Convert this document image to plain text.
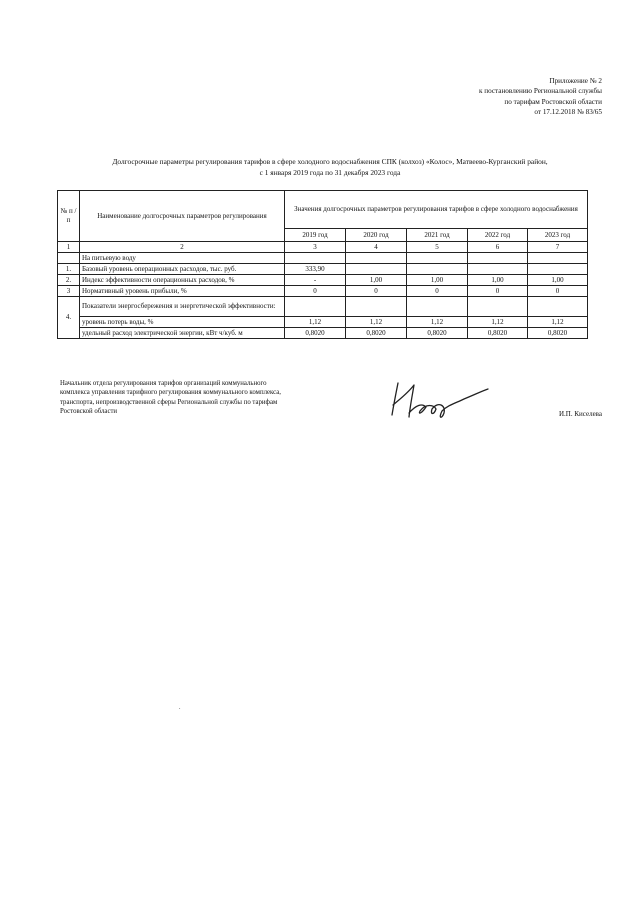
Приложение № 2
к постановлению Региональной службы
по тарифам Ростовской области
от 17.12.2018 № 83/65
Долгосрочные параметры регулирования тарифов в сфере холодного водоснабжения СПК (колхоз) «Колос», Матвеево-Курганский район,
с 1 января 2019 года по 31 декабря 2023 года
№ п /п	Наименование долгосрочных параметров регулирования	Значения долгосрочных параметров регулирования тарифов в сфере холодного водоснабжения				
		2019 год	2020 год	2021 год	2022 год	2023 год
1	2	3	4	5	6	7
	На питьевую воду					
1.	Базовый уровень операционных расходов, тыс. руб.	333,90				
2.	Индекс эффективности операционных расходов, %	-	1,00	1,00	1,00	1,00
3	Нормативный уровень прибыли, %	0	0	0	0	0
4.	Показатели энергосбережения и энергетической эффективности:					
	уровень потерь воды, %	1,12	1,12	1,12	1,12	1,12
	удельный расход электрической энергии, кВт ч/куб. м	0,8020	0,8020	0,8020	0,8020	0,8020
Начальник отдела регулирования тарифов организаций коммунального
комплекса управления тарифного регулирования коммунального комплекса,
транспорта, непроизводственной сферы Региональной службы по тарифам
Ростовской области	И.П. Киселева
.
